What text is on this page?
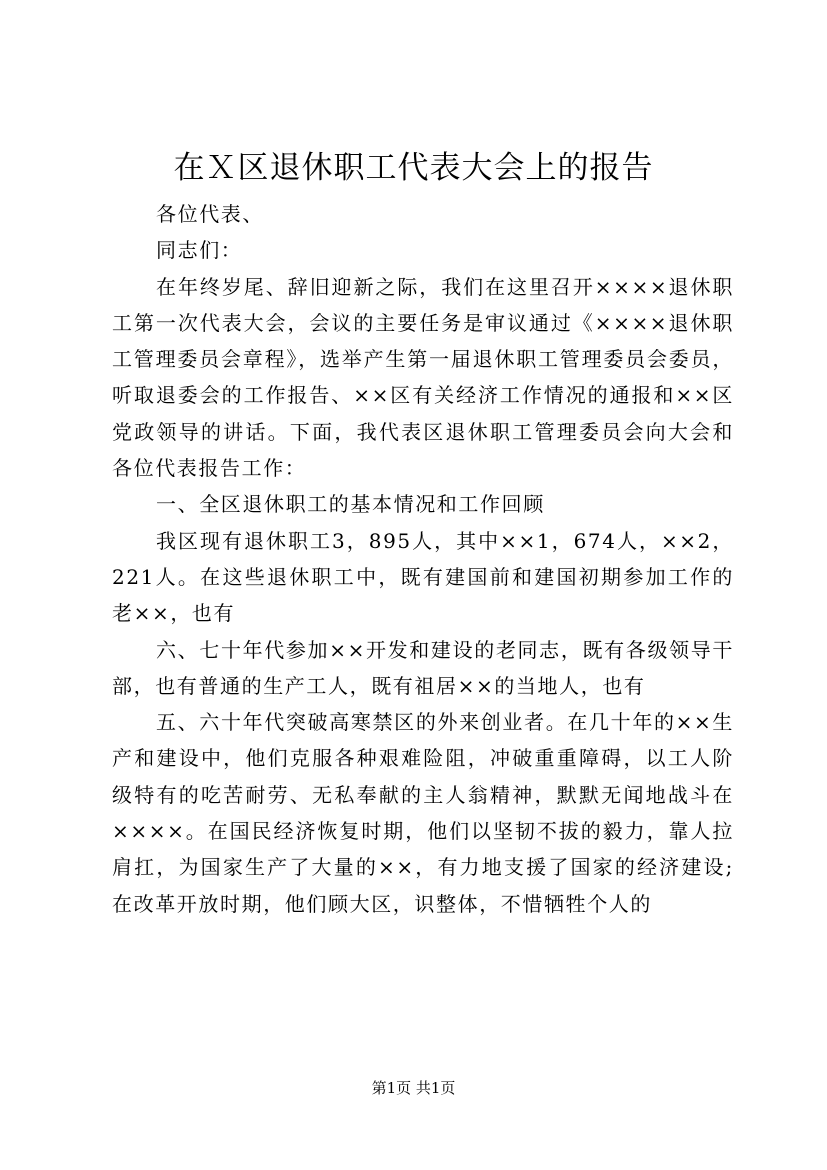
在Ｘ区退休职工代表大会上的报告

各位代表、

同志们：

在年终岁尾、辞旧迎新之际，我们在这里召开××××退休职工第一次代表大会，会议的主要任务是审议通过《××××退休职工管理委员会章程》，选举产生第一届退休职工管理委员会委员，听取退委会的工作报告、××区有关经济工作情况的通报和××区党政领导的讲话。下面，我代表区退休职工管理委员会向大会和各位代表报告工作：

一、全区退休职工的基本情况和工作回顾

我区现有退休职工3，895人，其中××1，674人，××2，221人。在这些退休职工中，既有建国前和建国初期参加工作的老××，也有

六、七十年代参加××开发和建设的老同志，既有各级领导干部，也有普通的生产工人，既有祖居××的当地人，也有

五、六十年代突破高寒禁区的外来创业者。在几十年的××生产和建设中，他们克服各种艰难险阻，冲破重重障碍，以工人阶级特有的吃苦耐劳、无私奉献的主人翁精神，默默无闻地战斗在××××。在国民经济恢复时期，他们以坚韧不拔的毅力，靠人拉肩扛，为国家生产了大量的××，有力地支援了国家的经济建设;在改革开放时期，他们顾大区，识整体，不惜牺牲个人的

第1页 共1页
